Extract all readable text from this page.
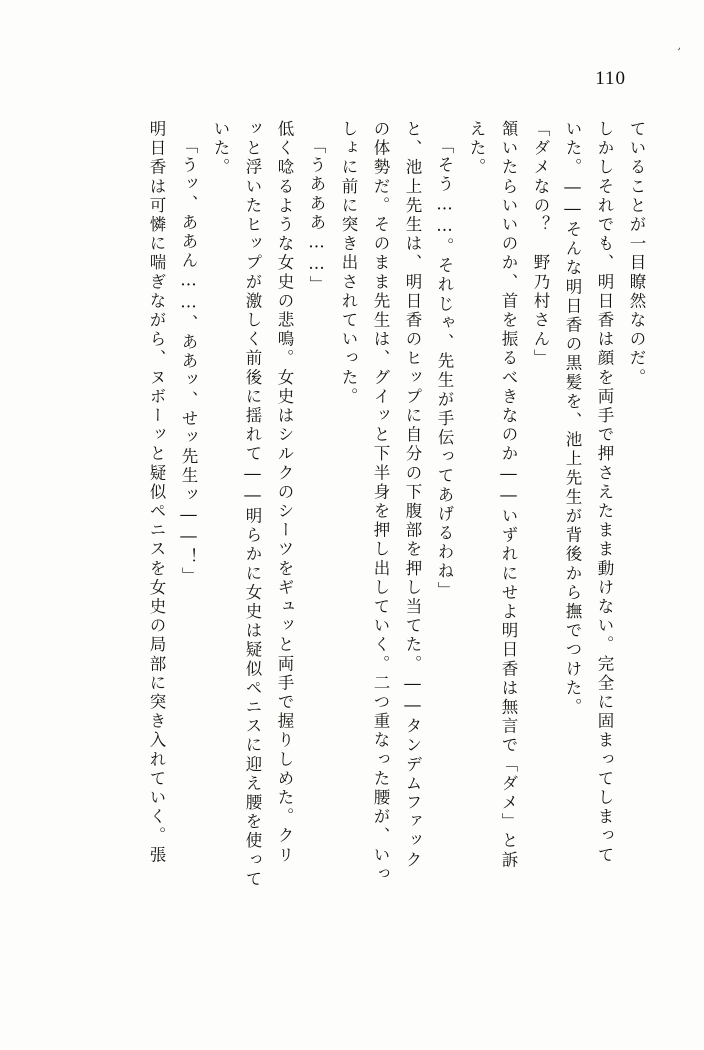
ʼ
110
ていることが一目瞭然なのだ。
しかしそれでも、明日香は顔を両手で押さえたまま動けない。完全に固まってしまって
いた。――そんな明日香の黒髪を、池上先生が背後から撫でつけた。
「ダメなの？　野乃村さん」
頷いたらいいのか、首を振るべきなのか――いずれにせよ明日香は無言で「ダメ」と訴
えた。
「そう……。それじゃ、先生が手伝ってあげるわね」
と、池上先生は、明日香のヒップに自分の下腹部を押し当てた。――タンデムファック
の体勢だ。そのまま先生は、グイッと下半身を押し出していく。二つ重なった腰が、いっ
しょに前に突き出されていった。
「うあああ……」
低く唸るような女史の悲鳴。女史はシルクのシーツをギュッと両手で握りしめた。クリ
ッと浮いたヒップが激しく前後に揺れて――明らかに女史は疑似ペニスに迎え腰を使って
いた。
「うッ、ああん……、ああッ、せッ先生ッ――！」
明日香は可憐に喘ぎながら、ヌボーッと疑似ペニスを女史の局部に突き入れていく。張
